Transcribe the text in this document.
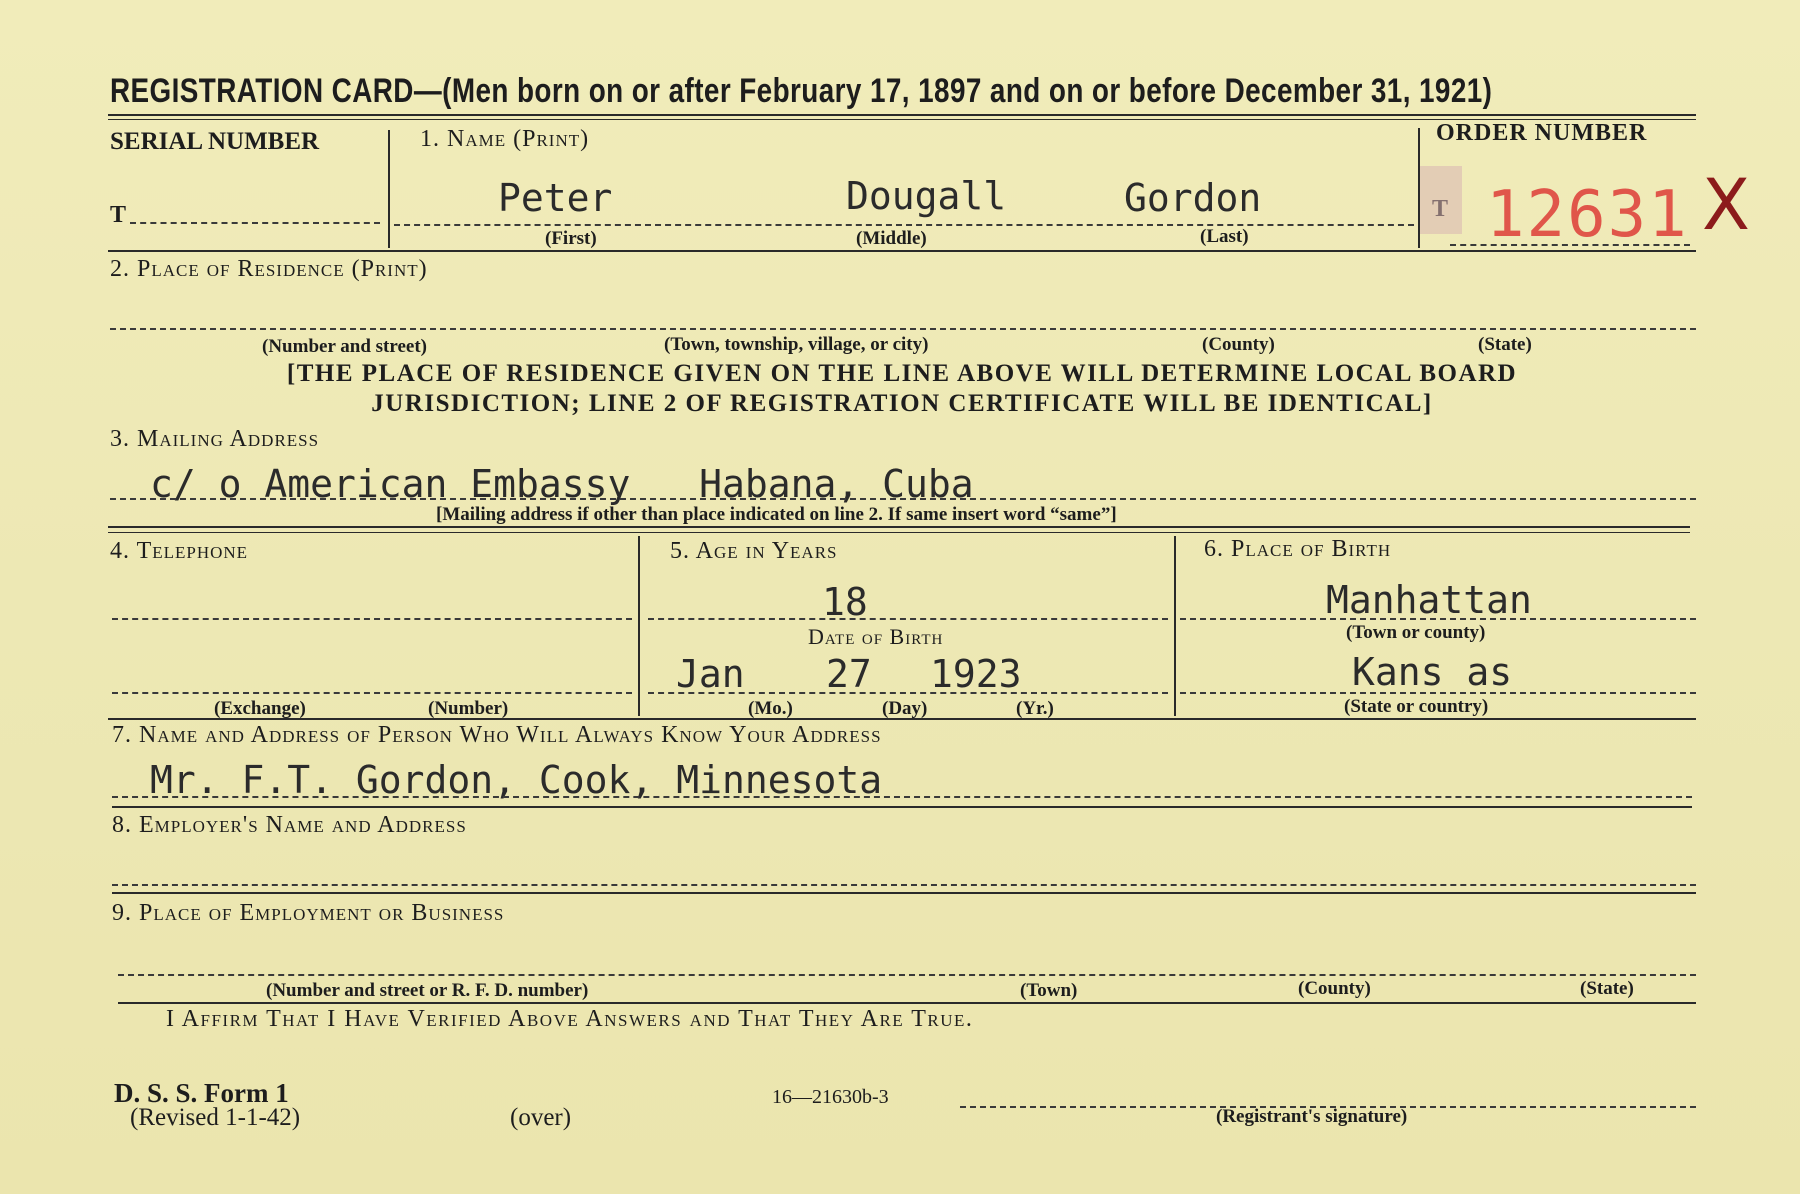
REGISTRATION CARD—(Men born on or after February 17, 1897 and on or before December 31, 1921)
SERIAL NUMBER
T
1. Name (Print)
Peter	Dougall	Gordon
(First)	(Middle)	(Last)
ORDER NUMBER
12631 X
2. Place of Residence (Print)
(Number and street)	(Town, township, village, or city)	(County)	(State)
[THE PLACE OF RESIDENCE GIVEN ON THE LINE ABOVE WILL DETERMINE LOCAL BOARD
JURISDICTION; LINE 2 OF REGISTRATION CERTIFICATE WILL BE IDENTICAL]
3. Mailing Address
c/ o American Embassy   Habana, Cuba
[Mailing address if other than place indicated on line 2. If same insert word “same”]
4. Telephone
(Exchange)	(Number)
5. Age in Years
18
Date of Birth
Jan 27 1923
(Mo.)	(Day)	(Yr.)
6. Place of Birth
Manhattan
(Town or county)
Kans as
(State or country)
7. Name and Address of Person Who Will Always Know Your Address
Mr. F.T. Gordon, Cook, Minnesota
8. Employer's Name and Address
9. Place of Employment or Business
(Number and street or R. F. D. number)	(Town)	(County)	(State)
I Affirm That I Have Verified Above Answers and That They Are True.
D. S. S. Form 1
(Revised 1-1-42)	(over)
16—21630b-3
(Registrant's signature)
